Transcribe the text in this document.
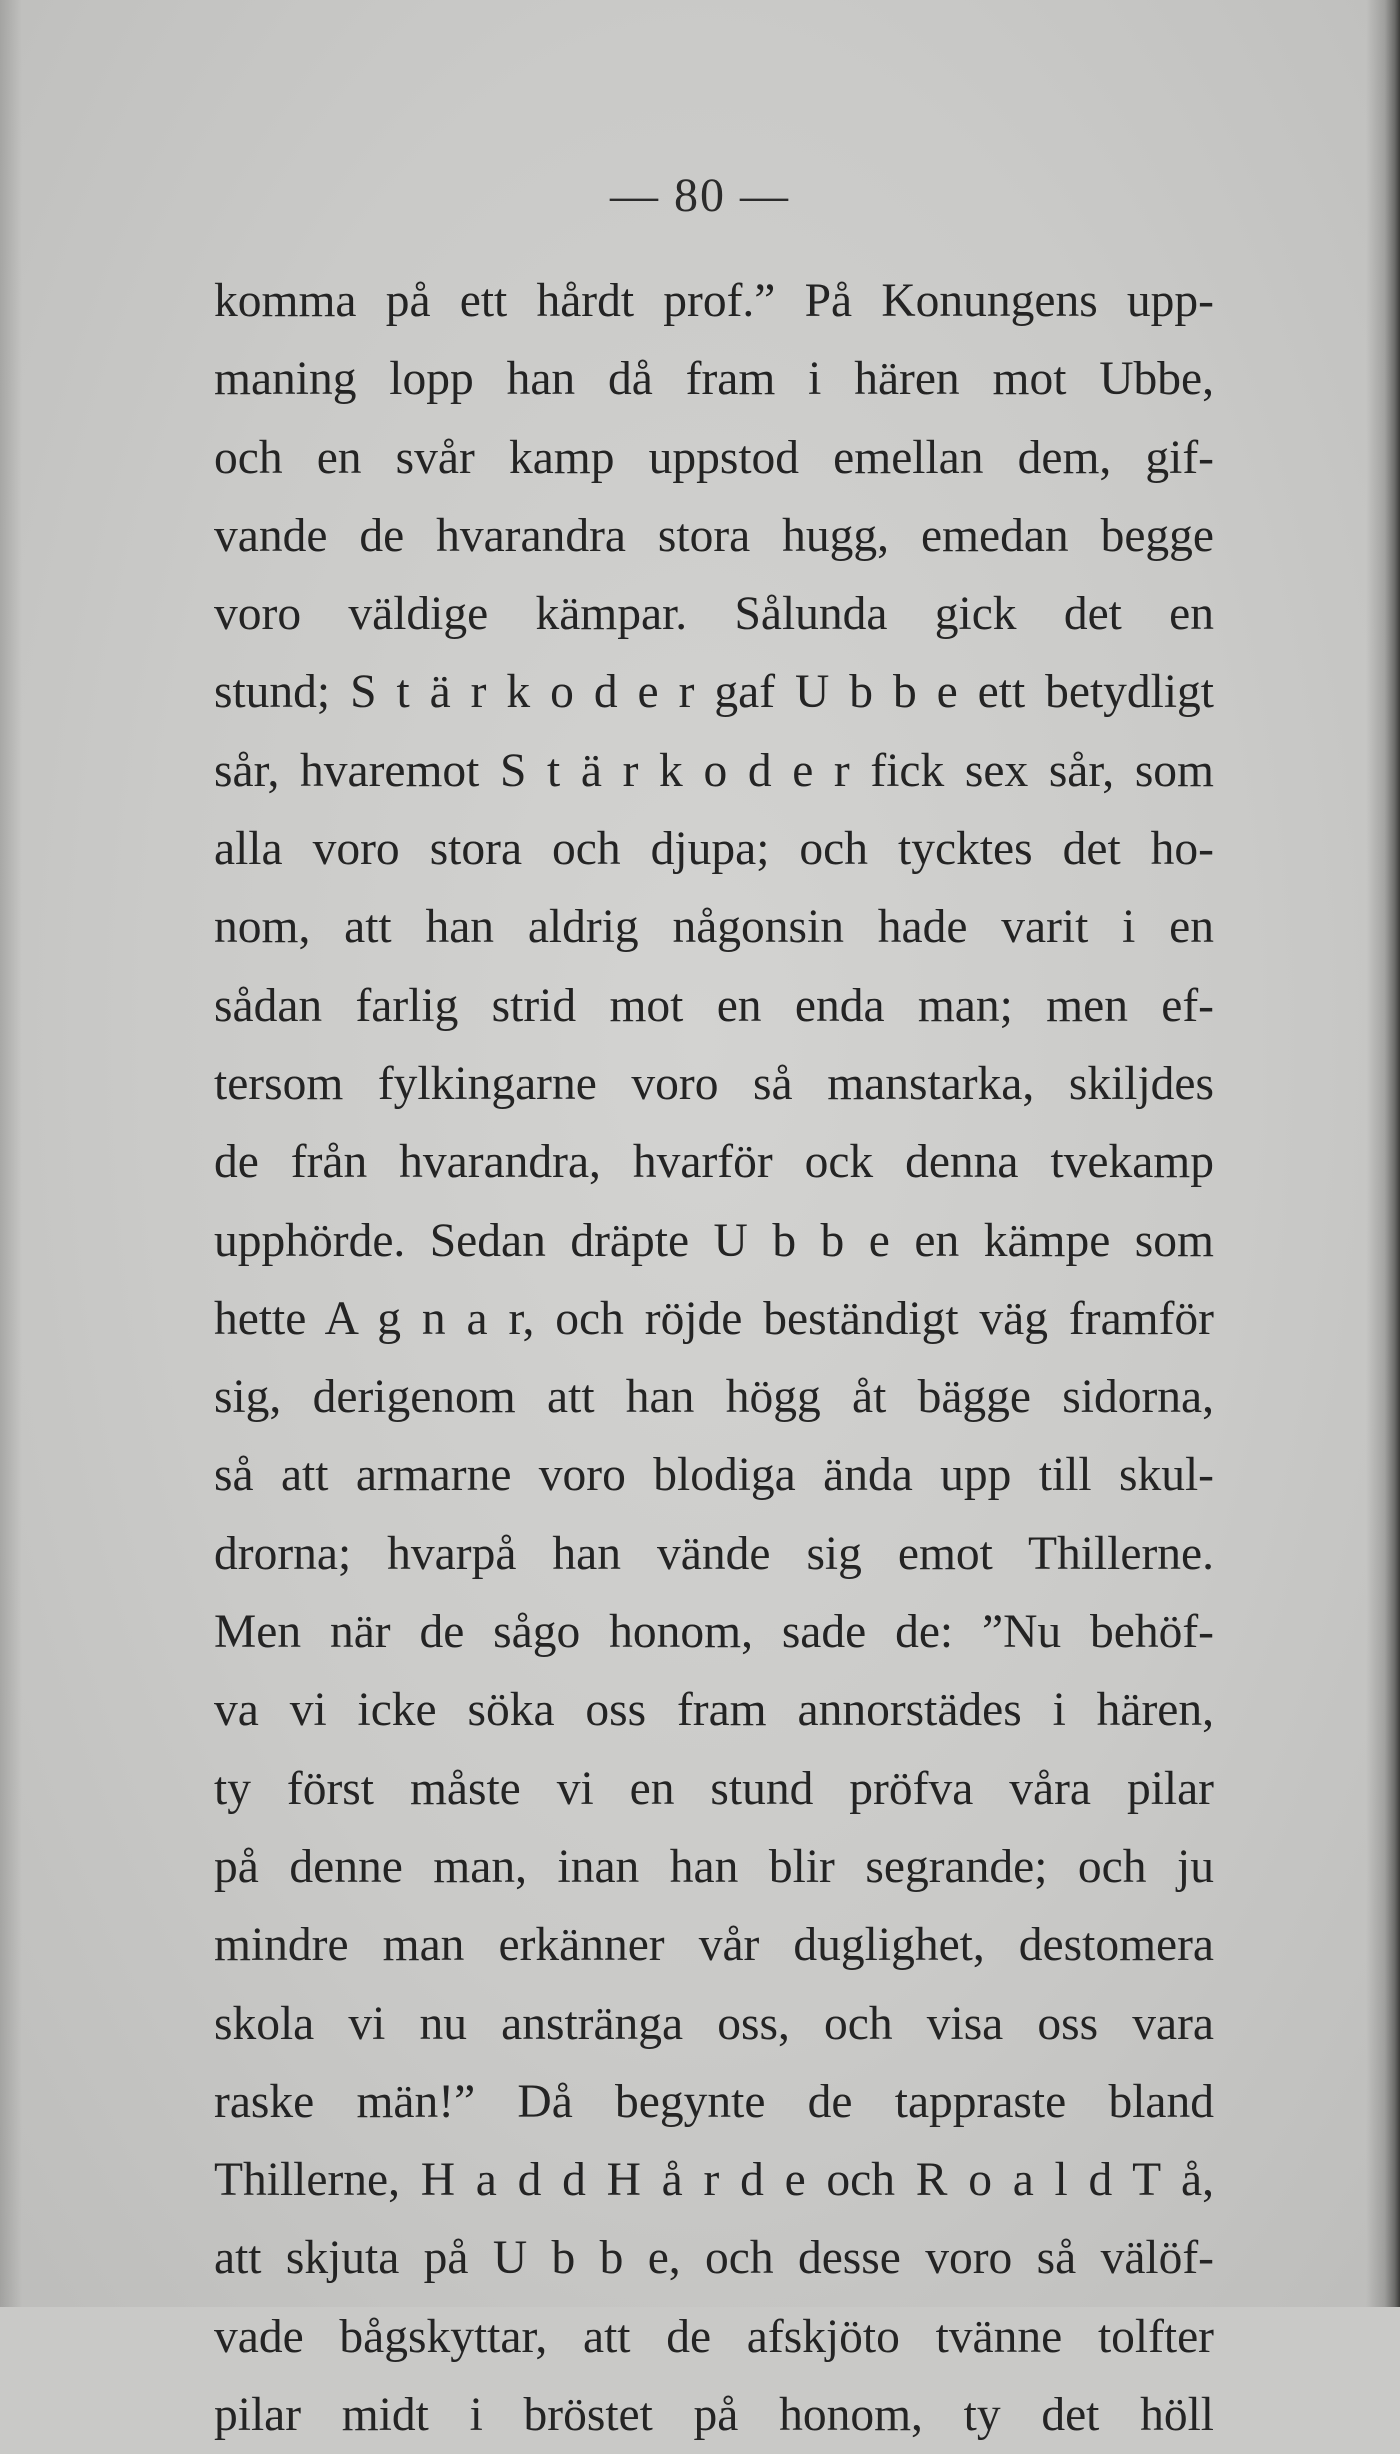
— 80 —
komma på ett hårdt prof.” På Konungens upp-
maning lopp han då fram i hären mot Ubbe,
och en svår kamp uppstod emellan dem, gif-
vande de hvarandra stora hugg, emedan begge
voro väldige kämpar. Sålunda gick det en
stund; S t ä r k o d e r gaf U b b e ett betydligt
sår, hvaremot S t ä r k o d e r fick sex sår, som
alla voro stora och djupa; och tycktes det ho-
nom, att han aldrig någonsin hade varit i en
sådan farlig strid mot en enda man; men ef-
tersom fylkingarne voro så manstarka, skiljdes
de från hvarandra, hvarför ock denna tvekamp
upphörde. Sedan dräpte U b b e en kämpe som
hette A g n a r, och röjde beständigt väg framför
sig, derigenom att han högg åt bägge sidorna,
så att armarne voro blodiga ända upp till skul-
drorna; hvarpå han vände sig emot Thillerne.
Men när de sågo honom, sade de: ”Nu behöf-
va vi icke söka oss fram annorstädes i hären,
ty först måste vi en stund pröfva våra pilar
på denne man, inan han blir segrande; och ju
mindre man erkänner vår duglighet, destomera
skola vi nu anstränga oss, och visa oss vara
raske män!” Då begynte de tappraste bland
Thillerne, H a d d H å r d e och R o a l d T å,
att skjuta på U b b e, och desse voro så välöf-
vade bågskyttar, att de afskjöto tvänne tolfter
pilar midt i bröstet på honom, ty det höll
